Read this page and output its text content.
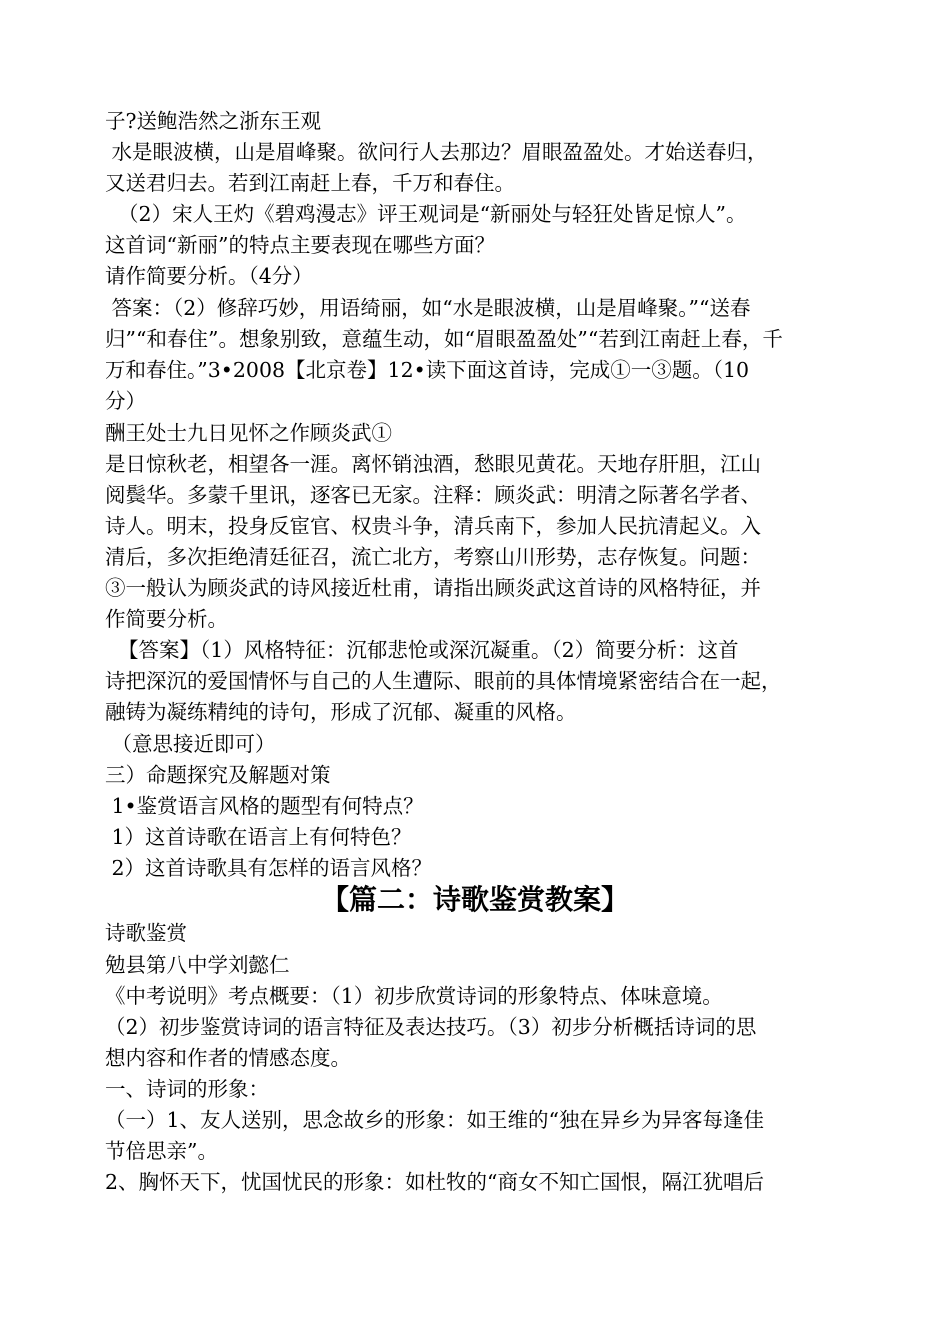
子?送鲍浩然之浙东王观
水是眼波横，山是眉峰聚。欲问行人去那边？眉眼盈盈处。才始送春归，
又送君归去。若到江南赶上春，千万和春住。
（2）宋人王灼《碧鸡漫志》评王观词是“新丽处与轻狂处皆足惊人”。
这首词“新丽”的特点主要表现在哪些方面？
请作简要分析。（4分）
答案：（2）修辞巧妙，用语绮丽，如“水是眼波横，山是眉峰聚。”“送春
归”“和春住”。想象别致，意蕴生动，如“眉眼盈盈处”“若到江南赶上春，千
万和春住。”3•2008【北京卷】12•读下面这首诗，完成①一③题。（10
分）
酬王处士九日见怀之作顾炎武①
是日惊秋老，相望各一涯。离怀销浊酒，愁眼见黄花。天地存肝胆，江山
阅鬓华。多蒙千里讯，逐客已无家。注释：顾炎武：明清之际著名学者、
诗人。明末，投身反宦官、权贵斗争，清兵南下，参加人民抗清起义。入
清后，多次拒绝清廷征召，流亡北方，考察山川形势，志存恢复。问题：
③一般认为顾炎武的诗风接近杜甫，请指出顾炎武这首诗的风格特征，并
作简要分析。
【答案】（1）风格特征：沉郁悲怆或深沉凝重。（2）简要分析：这首
诗把深沉的爱国情怀与自己的人生遭际、眼前的具体情境紧密结合在一起，
融铸为凝练精纯的诗句，形成了沉郁、凝重的风格。
（意思接近即可）
三）命题探究及解题对策
1•鉴赏语言风格的题型有何特点？
1）这首诗歌在语言上有何特色？
2）这首诗歌具有怎样的语言风格？
【篇二：诗歌鉴赏教案】
诗歌鉴赏
勉县第八中学刘懿仁
《中考说明》考点概要：（1）初步欣赏诗词的形象特点、体味意境。
（2）初步鉴赏诗词的语言特征及表达技巧。（3）初步分析概括诗词的思
想内容和作者的情感态度。
一、诗词的形象：
（一）1、友人送别，思念故乡的形象：如王维的“独在异乡为异客每逢佳
节倍思亲”。
2、胸怀天下，忧国忧民的形象：如杜牧的“商女不知亡国恨，隔江犹唱后
